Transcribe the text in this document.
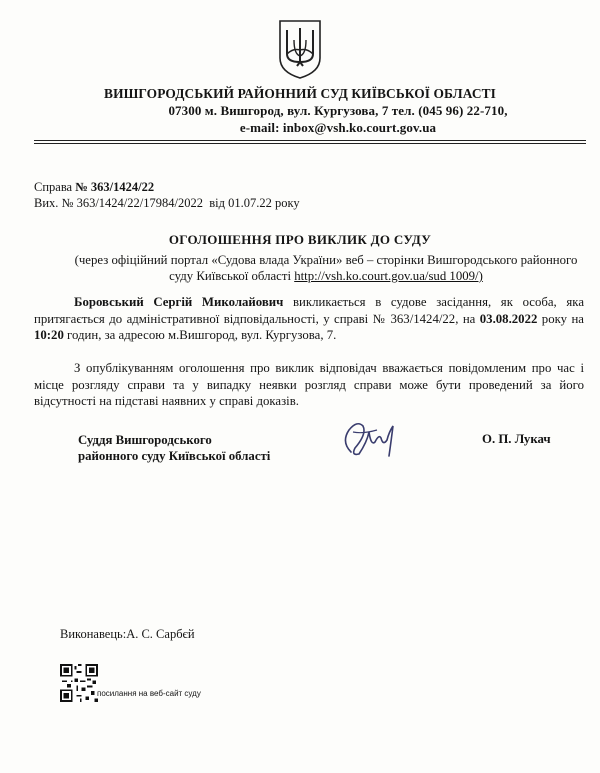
ВИШГОРОДСЬКИЙ РАЙОННИЙ СУД КИЇВСЬКОЇ ОБЛАСТІ
07300 м. Вишгород, вул. Кургузова, 7 тел. (045 96) 22-710,
e-mail: inbox@vsh.ko.court.gov.ua
Справа № 363/1424/22
Вих. № 363/1424/22/17984/2022 від 01.07.22 року
ОГОЛОШЕННЯ ПРО ВИКЛИК ДО СУДУ
(через офіційний портал «Судова влада України» веб – сторінки Вишгородського районного суду Київської області http://vsh.ko.court.gov.ua/sud 1009/)
Боровський Сергій Миколайович викликається в судове засідання, як особа, яка притягається до адміністративної відповідальності, у справі № 363/1424/22, на 03.08.2022 року на 10:20 годин, за адресою м.Вишгород, вул. Кургузова, 7.
З опублікуванням оголошення про виклик відповідач вважається повідомленим про час і місце розгляду справи та у випадку неявки розгляд справи може бути проведений за його відсутності на підставі наявних у справі доказів.
Суддя Вишгородського
районного суду Київської області
О. П. Лукач
Виконавець:А. С. Сарбєй
посилання на веб-сайт суду
